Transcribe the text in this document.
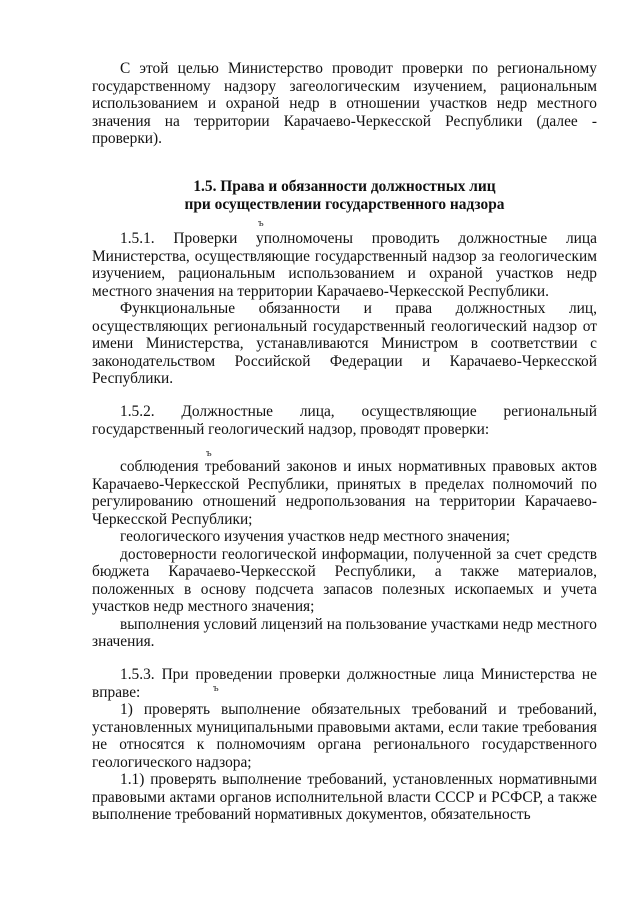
С этой целью Министерство проводит проверки по региональному государственному надзору загеологическим изучением, рациональным использованием и охраной недр в отношении участков недр местного значения на территории Карачаево-Черкесской Республики (далее - проверки).

1.5. Права и обязанности должностных лиц

при осуществлении государственного надзора

ъ

1.5.1. Проверки уполномочены проводить должностные лица Министерства, осуществляющие государственный надзор за геологическим изучением, рациональным использованием и охраной участков недр местного значения на территории Карачаево-Черкесской Республики.

Функциональные обязанности и права должностных лиц, осуществляющих региональный государственный геологический надзор от имени Министерства, устанавливаются Министром в соответствии с законодательством Российской Федерации и Карачаево-Черкесской Республики.

1.5.2. Должностные лица, осуществляющие региональный государственный геологический надзор, проводят проверки:

ъ

соблюдения требований законов и иных нормативных правовых актов Карачаево-Черкесской Республики, принятых в пределах полномочий по регулированию отношений недропользования на территории Карачаево-Черкесской Республики;

геологического изучения участков недр местного значения;

достоверности геологической информации, полученной за счет средств бюджета Карачаево-Черкесской Республики, а также материалов, положенных в основу подсчета запасов полезных ископаемых и учета участков недр местного значения;

выполнения условий лицензий на пользование участками недр местного значения.

1.5.3. При проведении проверки должностные лица Министерства не вправе:

1) проверять выполнение обязательных требований и требований, установленных муниципальными правовыми актами, если такие требования не относятся к полномочиям органа регионального государственного геологического надзора;

1.1) проверять выполнение требований, установленных нормативными правовыми актами органов исполнительной власти СССР и РСФСР, а также выполнение требований нормативных документов, обязательность

ъ
